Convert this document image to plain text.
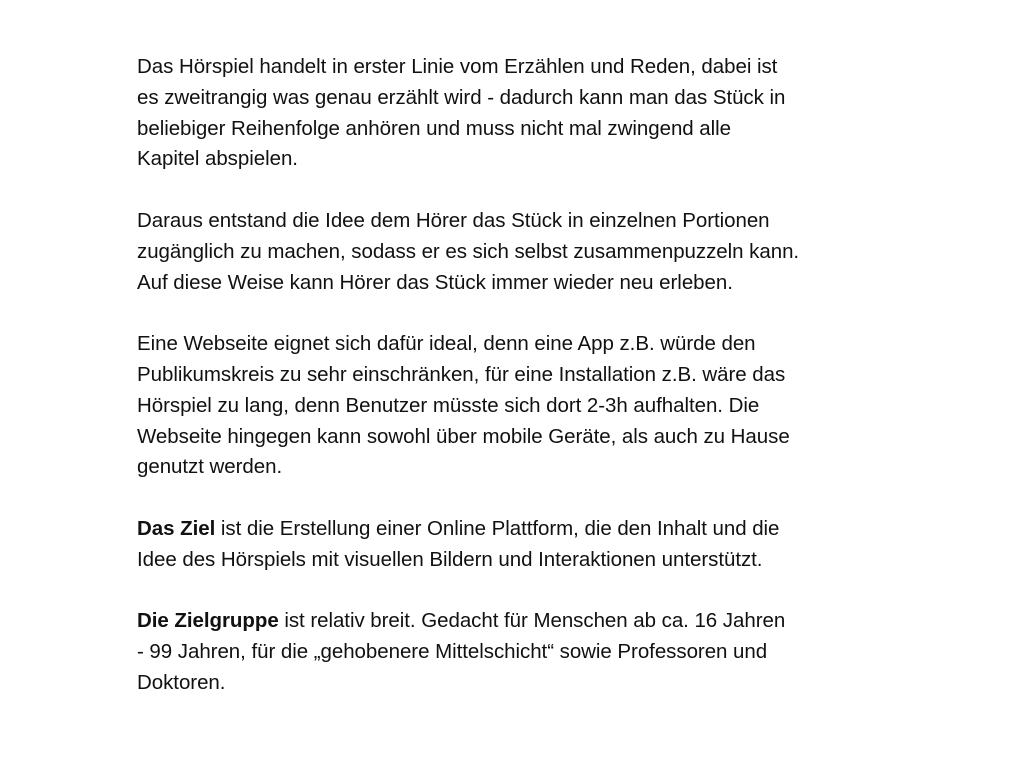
Das Hörspiel handelt in erster Linie vom Erzählen und Reden, dabei ist
es zweitrangig was genau erzählt wird - dadurch kann man das Stück in
beliebiger Reihenfolge anhören und muss nicht mal zwingend alle
Kapitel abspielen.

Daraus entstand die Idee dem Hörer das Stück in einzelnen Portionen
zugänglich zu machen, sodass er es sich selbst zusammenpuzzeln kann.
Auf diese Weise kann Hörer das Stück immer wieder neu erleben.

Eine Webseite eignet sich dafür ideal, denn eine App z.B. würde den
Publikumskreis zu sehr einschränken, für eine Installation z.B. wäre das
Hörspiel zu lang, denn Benutzer müsste sich dort 2-3h aufhalten. Die
Webseite hingegen kann sowohl über mobile Geräte, als auch zu Hause
genutzt werden.

Das Ziel ist die Erstellung einer Online Plattform, die den Inhalt und die
Idee des Hörspiels mit visuellen Bildern und Interaktionen unterstützt.

Die Zielgruppe ist relativ breit. Gedacht für Menschen ab ca. 16 Jahren
- 99 Jahren, für die „gehobenere Mittelschicht“ sowie Professoren und
Doktoren.
